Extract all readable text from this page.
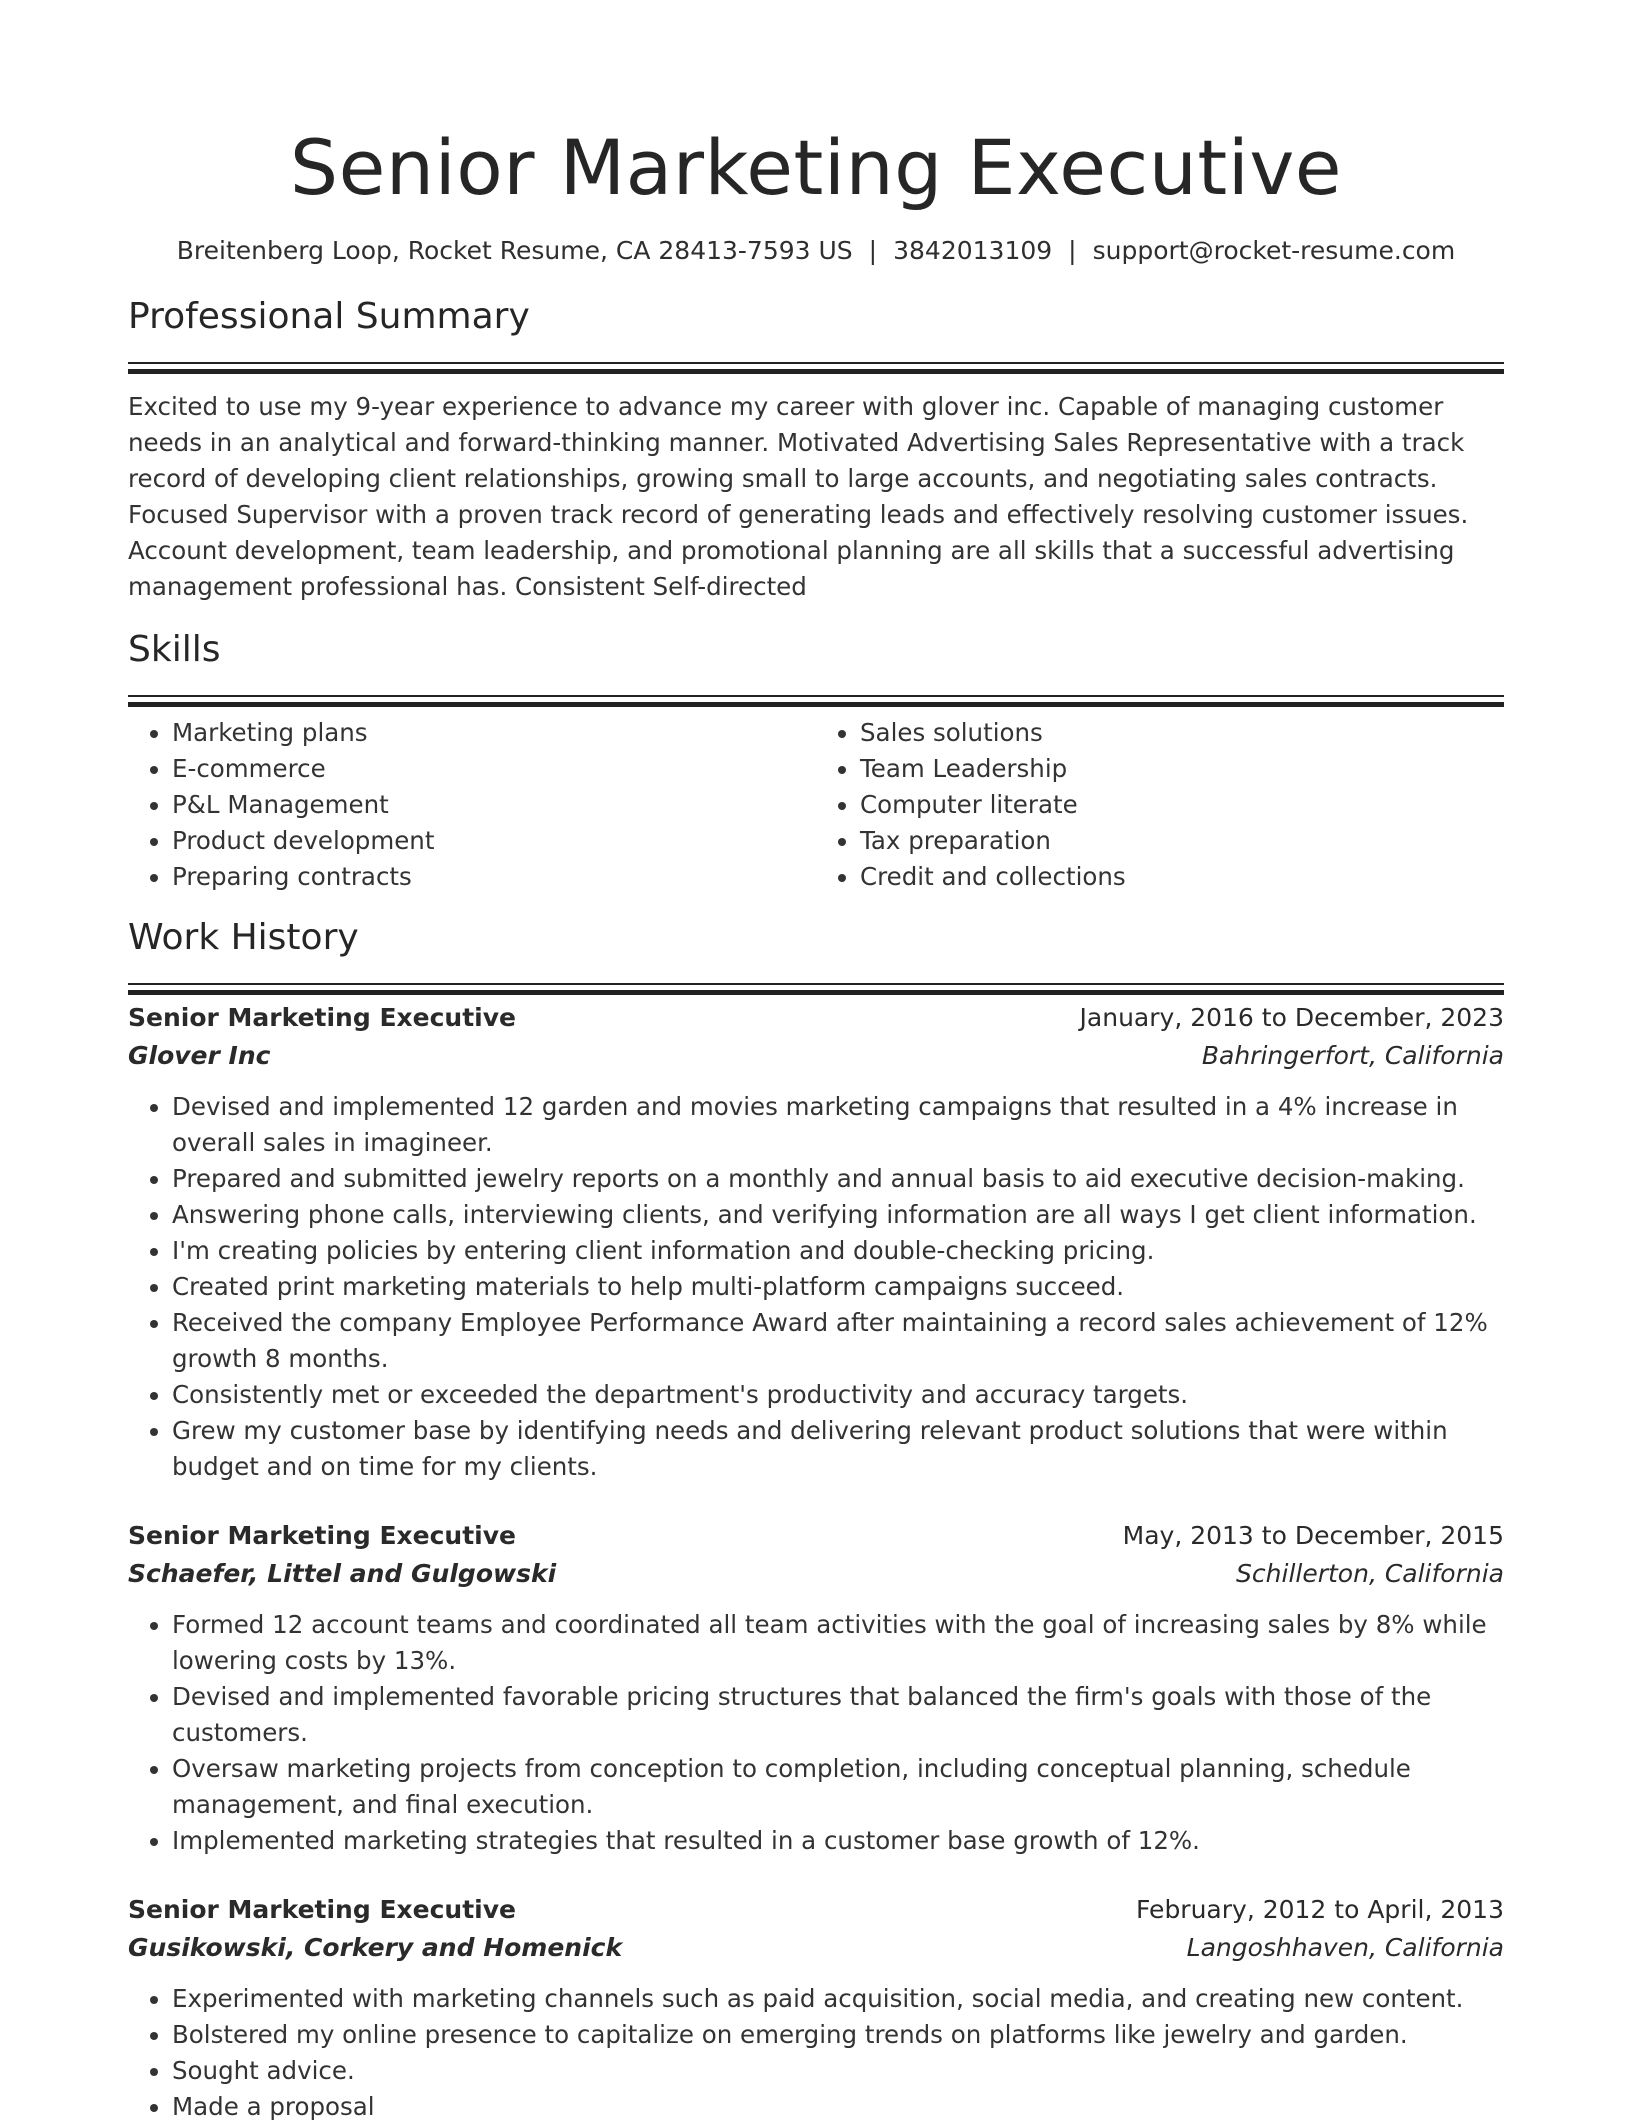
Senior Marketing Executive
Breitenberg Loop, Rocket Resume, CA 28413-7593 US | 3842013109 | support@rocket-resume.com
Professional Summary

Excited to use my 9-year experience to advance my career with glover inc. Capable of managing customer needs in an analytical and forward-thinking manner. Motivated Advertising Sales Representative with a track record of developing client relationships, growing small to large accounts, and negotiating sales contracts. Focused Supervisor with a proven track record of generating leads and effectively resolving customer issues. Account development, team leadership, and promotional planning are all skills that a successful advertising management professional has. Consistent Self-directed

Skills
• Marketing plans
• E-commerce
• P&L Management
• Product development
• Preparing contracts
• Sales solutions
• Team Leadership
• Computer literate
• Tax preparation
• Credit and collections
Work History
Senior Marketing Executive	January, 2016 to December, 2023
Glover Inc	Bahringerfort, California
• Devised and implemented 12 garden and movies marketing campaigns that resulted in a 4% increase in overall sales in imagineer.
• Prepared and submitted jewelry reports on a monthly and annual basis to aid executive decision-making.
• Answering phone calls, interviewing clients, and verifying information are all ways I get client information.
• I'm creating policies by entering client information and double-checking pricing.
• Created print marketing materials to help multi-platform campaigns succeed.
• Received the company Employee Performance Award after maintaining a record sales achievement of 12% growth 8 months.
• Consistently met or exceeded the department's productivity and accuracy targets.
• Grew my customer base by identifying needs and delivering relevant product solutions that were within budget and on time for my clients.
Senior Marketing Executive	May, 2013 to December, 2015
Schaefer, Littel and Gulgowski	Schillerton, California
• Formed 12 account teams and coordinated all team activities with the goal of increasing sales by 8% while lowering costs by 13%.
• Devised and implemented favorable pricing structures that balanced the firm's goals with those of the customers.
• Oversaw marketing projects from conception to completion, including conceptual planning, schedule management, and final execution.
• Implemented marketing strategies that resulted in a customer base growth of 12%.
Senior Marketing Executive	February, 2012 to April, 2013
Gusikowski, Corkery and Homenick	Langoshhaven, California
• Experimented with marketing channels such as paid acquisition, social media, and creating new content.
• Bolstered my online presence to capitalize on emerging trends on platforms like jewelry and garden.
• Sought advice.
• Made a proposal
